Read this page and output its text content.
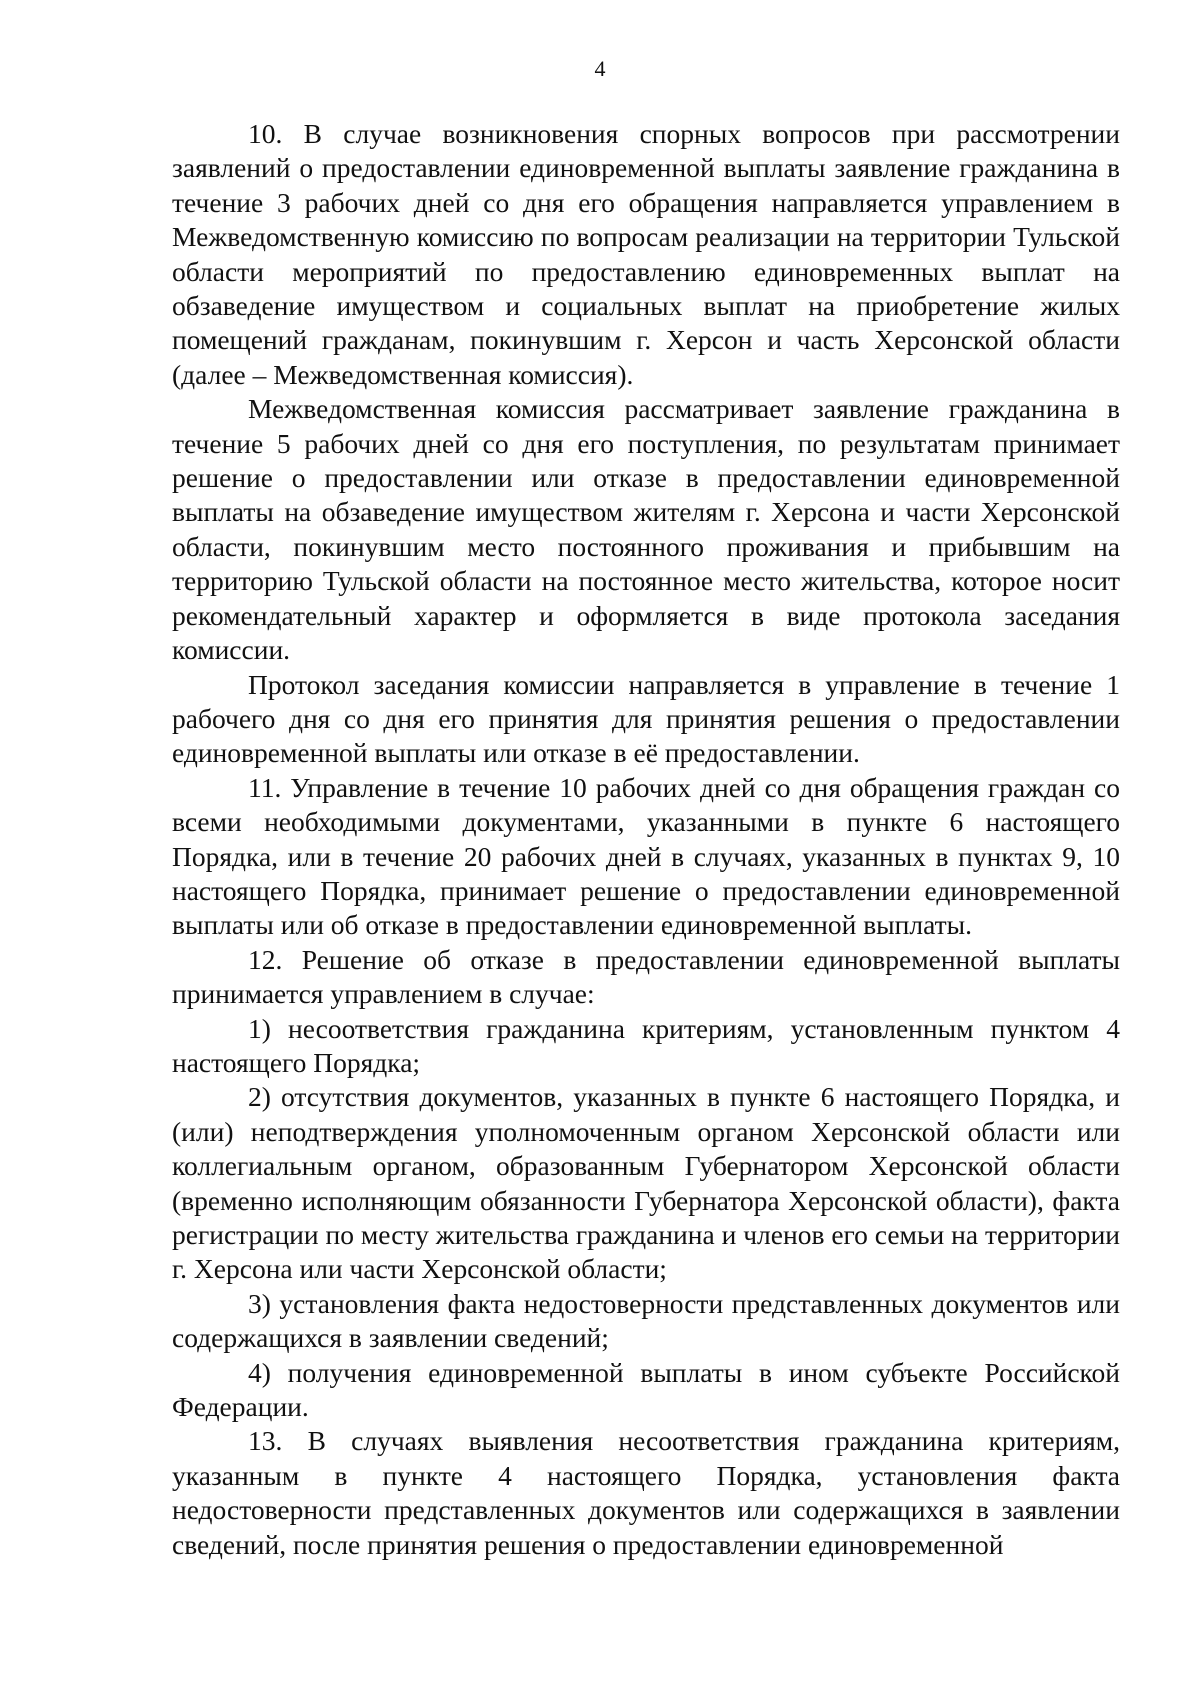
4

10. В случае возникновения спорных вопросов при рассмотрении заявлений о предоставлении единовременной выплаты заявление гражданина в течение 3 рабочих дней со дня его обращения направляется управлением в Межведомственную комиссию по вопросам реализации на территории Тульской области мероприятий по предоставлению единовременных выплат на обзаведение имуществом и социальных выплат на приобретение жилых помещений гражданам, покинувшим г. Херсон и часть Херсонской области (далее – Межведомственная комиссия).

Межведомственная комиссия рассматривает заявление гражданина в течение 5 рабочих дней со дня его поступления, по результатам принимает решение о предоставлении или отказе в предоставлении единовременной выплаты на обзаведение имуществом жителям г. Херсона и части Херсонской области, покинувшим место постоянного проживания и прибывшим на территорию Тульской области на постоянное место жительства, которое носит рекомендательный характер и оформляется в виде протокола заседания комиссии.

Протокол заседания комиссии направляется в управление в течение 1 рабочего дня со дня его принятия для принятия решения о предоставлении единовременной выплаты или отказе в её предоставлении.

11. Управление в течение 10 рабочих дней со дня обращения граждан со всеми необходимыми документами, указанными в пункте 6 настоящего Порядка, или в течение 20 рабочих дней в случаях, указанных в пунктах 9, 10 настоящего Порядка, принимает решение о предоставлении единовременной выплаты или об отказе в предоставлении единовременной выплаты.

12. Решение об отказе в предоставлении единовременной выплаты принимается управлением в случае:

1) несоответствия гражданина критериям, установленным пунктом 4 настоящего Порядка;

2) отсутствия документов, указанных в пункте 6 настоящего Порядка, и (или) неподтверждения уполномоченным органом Херсонской области или коллегиальным органом, образованным Губернатором Херсонской области (временно исполняющим обязанности Губернатора Херсонской области), факта регистрации по месту жительства гражданина и членов его семьи на территории г. Херсона или части Херсонской области;

3) установления факта недостоверности представленных документов или содержащихся в заявлении сведений;

4) получения единовременной выплаты в ином субъекте Российской Федерации.

13. В случаях выявления несоответствия гражданина критериям, указанным в пункте 4 настоящего Порядка, установления факта недостоверности представленных документов или содержащихся в заявлении сведений, после принятия решения о предоставлении единовременной
